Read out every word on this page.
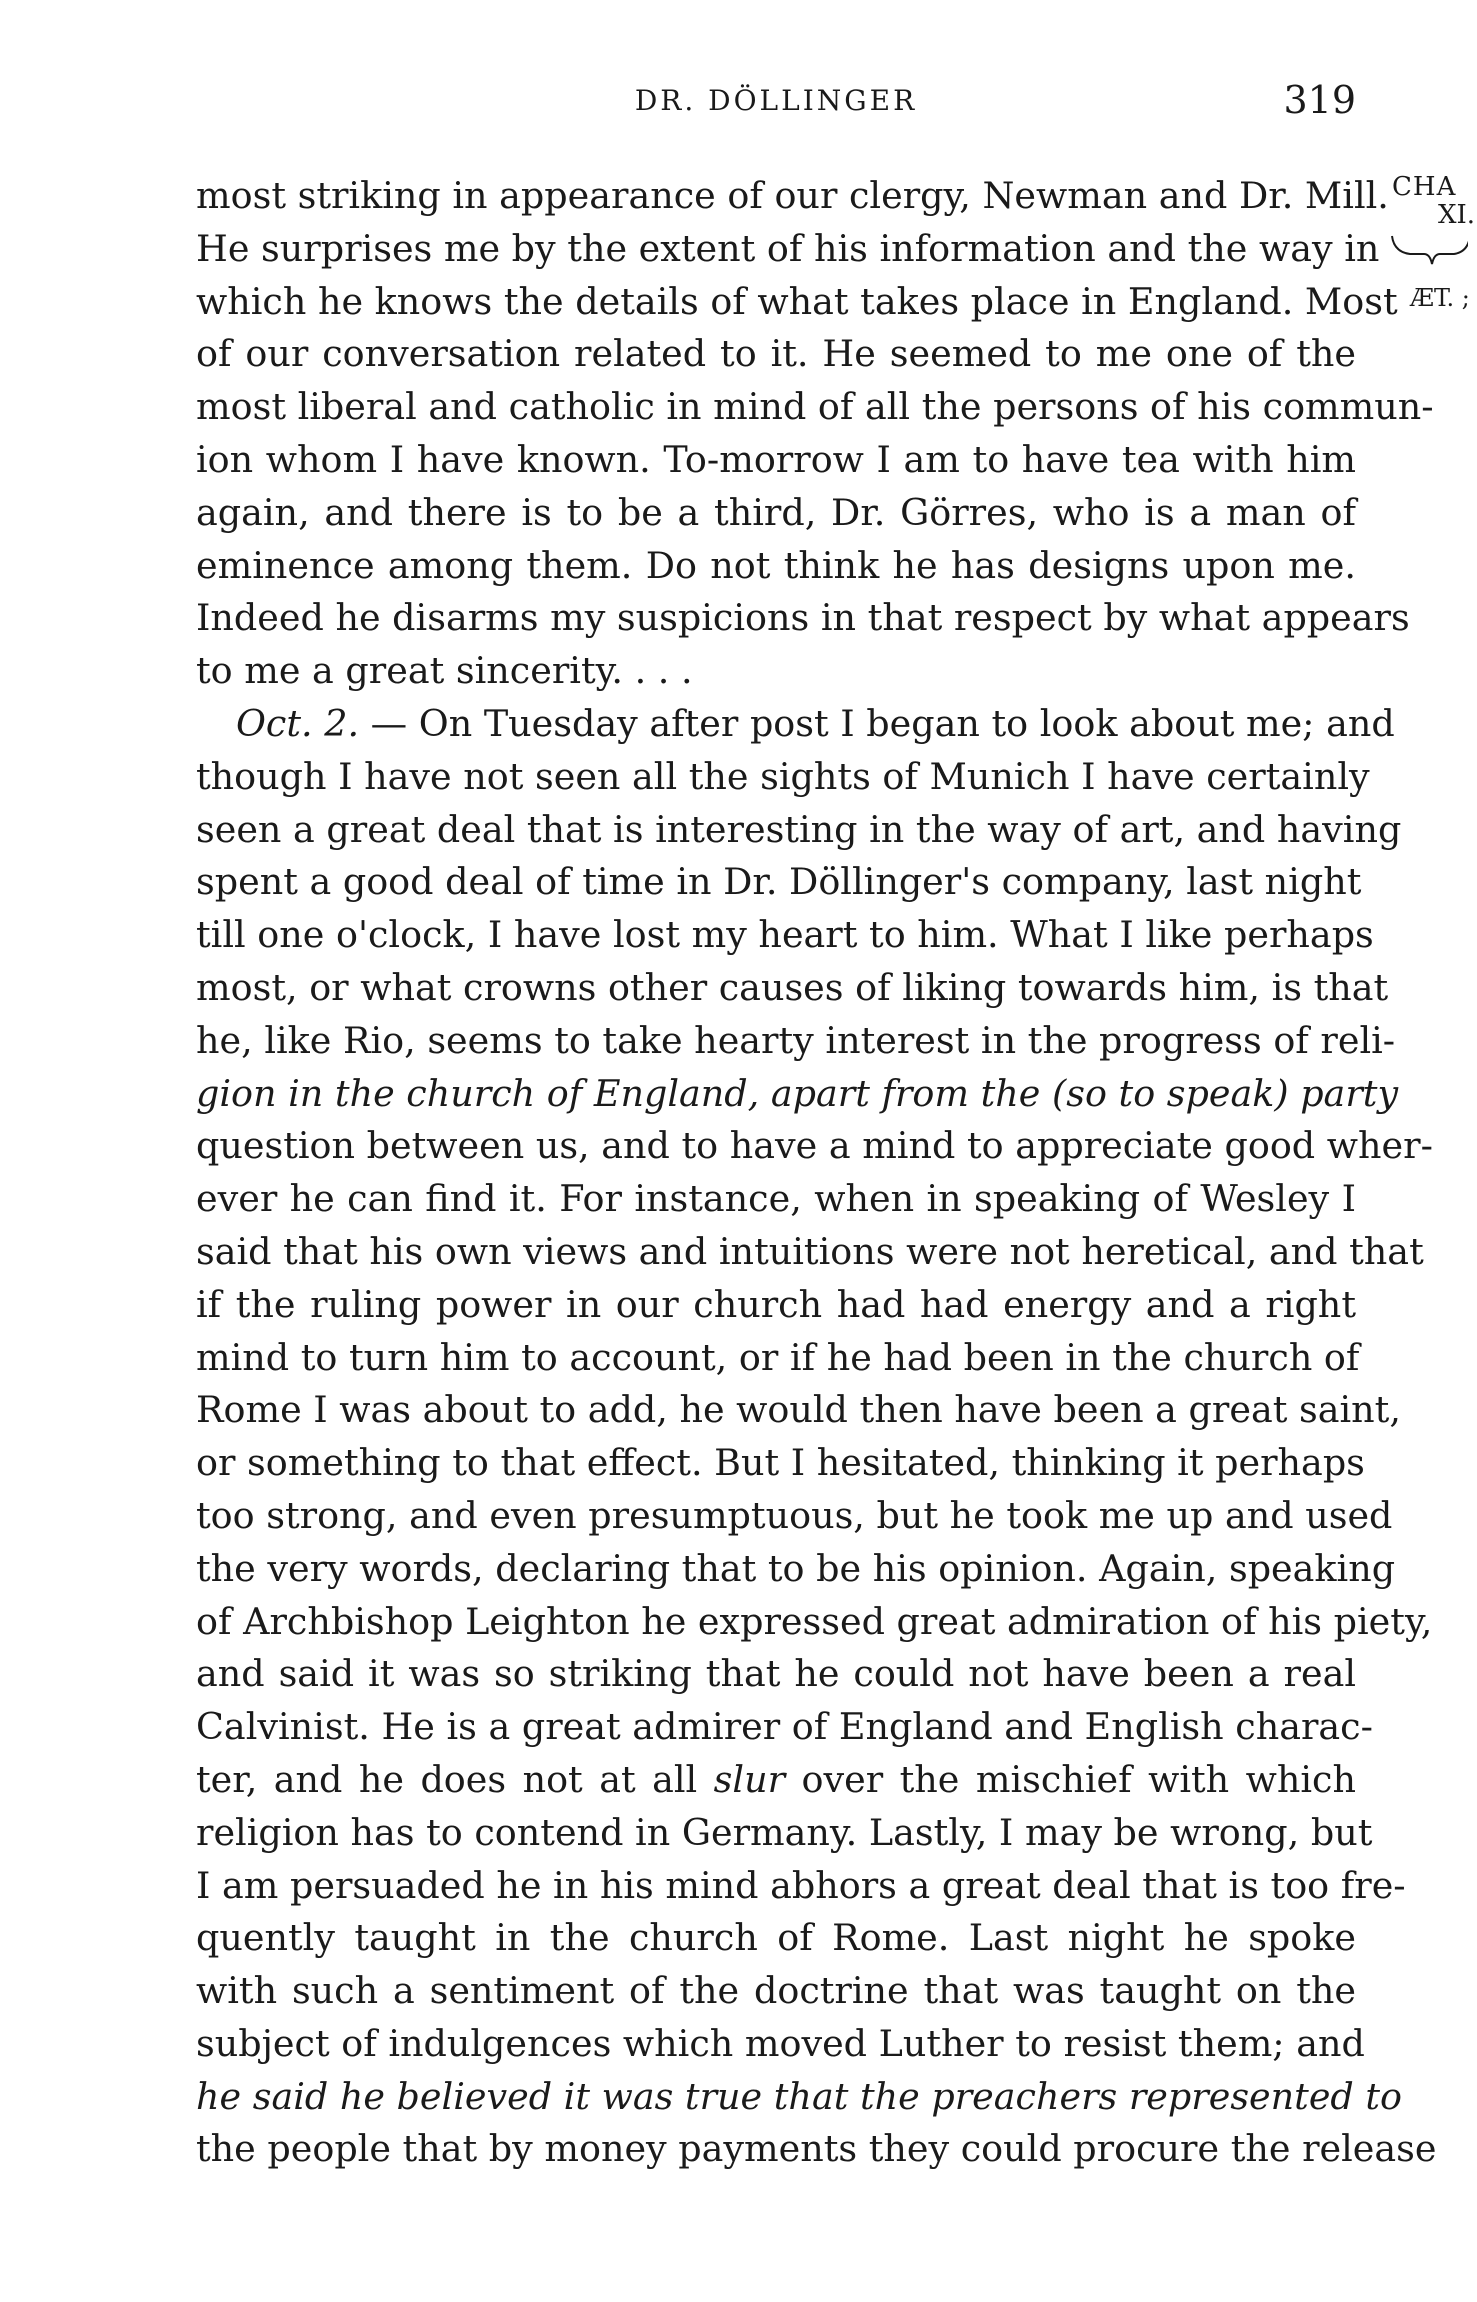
DR. DÖLLINGER	319
CHA
XI.
ÆT. ;
most striking in appearance of our clergy, Newman and Dr. Mill.
He surprises me by the extent of his information and the way in
which he knows the details of what takes place in England. Most
of our conversation related to it. He seemed to me one of the
most liberal and catholic in mind of all the persons of his commun-
ion whom I have known. To-morrow I am to have tea with him
again, and there is to be a third, Dr. Görres, who is a man of
eminence among them. Do not think he has designs upon me.
Indeed he disarms my suspicions in that respect by what appears
to me a great sincerity. . . .
Oct. 2. — On Tuesday after post I began to look about me; and
though I have not seen all the sights of Munich I have certainly
seen a great deal that is interesting in the way of art, and having
spent a good deal of time in Dr. Döllinger's company, last night
till one o'clock, I have lost my heart to him. What I like perhaps
most, or what crowns other causes of liking towards him, is that
he, like Rio, seems to take hearty interest in the progress of reli-
gion in the church of England, apart from the (so to speak) party
question between us, and to have a mind to appreciate good wher-
ever he can find it. For instance, when in speaking of Wesley I
said that his own views and intuitions were not heretical, and that
if the ruling power in our church had had energy and a right
mind to turn him to account, or if he had been in the church of
Rome I was about to add, he would then have been a great saint,
or something to that effect. But I hesitated, thinking it perhaps
too strong, and even presumptuous, but he took me up and used
the very words, declaring that to be his opinion. Again, speaking
of Archbishop Leighton he expressed great admiration of his piety,
and said it was so striking that he could not have been a real
Calvinist. He is a great admirer of England and English charac-
ter, and he does not at all slur over the mischief with which
religion has to contend in Germany. Lastly, I may be wrong, but
I am persuaded he in his mind abhors a great deal that is too fre-
quently taught in the church of Rome. Last night he spoke
with such a sentiment of the doctrine that was taught on the
subject of indulgences which moved Luther to resist them; and
he said he believed it was true that the preachers represented to
the people that by money payments they could procure the release
